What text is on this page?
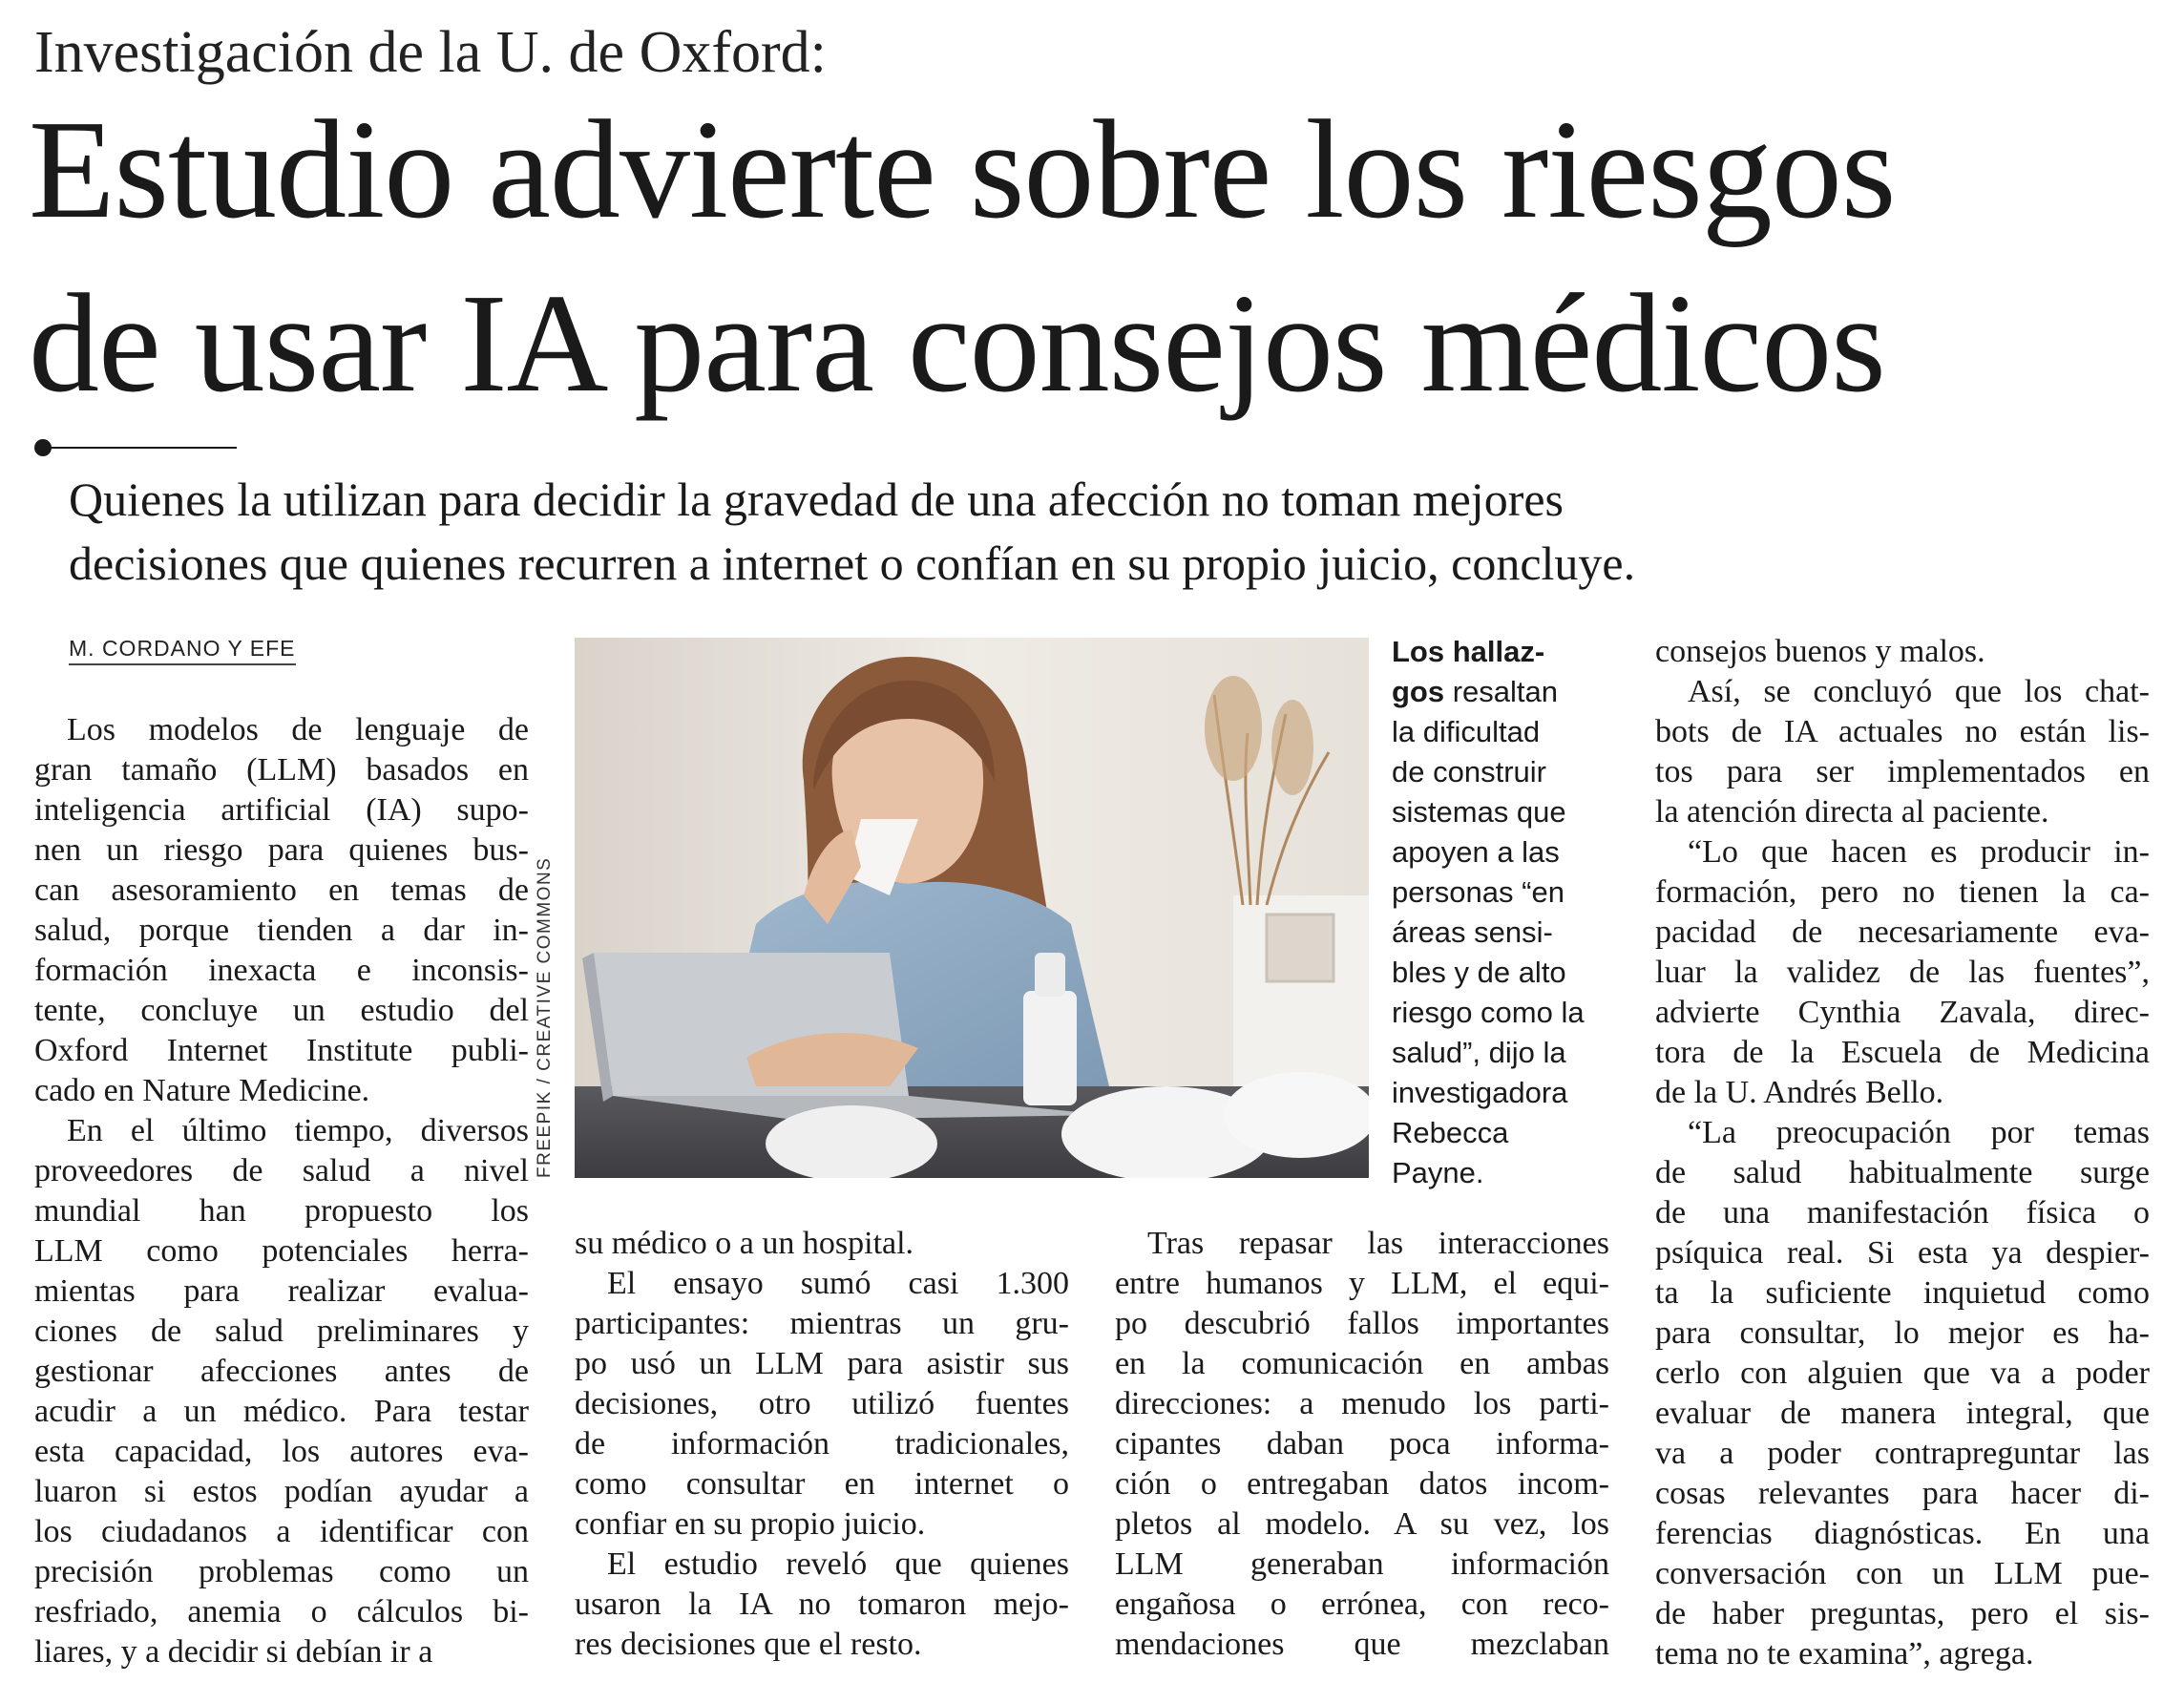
Investigación de la U. de Oxford:
Estudio advierte sobre los riesgos
de usar IA para consejos médicos
Quienes la utilizan para decidir la gravedad de una afección no toman mejores
decisiones que quienes recurren a internet o confían en su propio juicio, concluye.
M. CORDANO Y EFE
Los modelos de lenguaje de
gran tamaño (LLM) basados en
inteligencia artificial (IA) supo-
nen un riesgo para quienes bus-
can asesoramiento en temas de
salud, porque tienden a dar in-
formación inexacta e inconsis-
tente, concluye un estudio del
Oxford Internet Institute publi-
cado en Nature Medicine.
En el último tiempo, diversos
proveedores de salud a nivel
mundial han propuesto los
LLM como potenciales herra-
mientas para realizar evalua-
ciones de salud preliminares y
gestionar afecciones antes de
acudir a un médico. Para testar
esta capacidad, los autores eva-
luaron si estos podían ayudar a
los ciudadanos a identificar con
precisión problemas como un
resfriado, anemia o cálculos bi-
liares, y a decidir si debían ir a
FREEPIK / CREATIVE COMMONS
Los hallaz-
gos resaltan
la dificultad
de construir
sistemas que
apoyen a las
personas “en
áreas sensi-
bles y de alto
riesgo como la
salud”, dijo la
investigadora
Rebecca
Payne.
su médico o a un hospital.
El ensayo sumó casi 1.300
participantes: mientras un gru-
po usó un LLM para asistir sus
decisiones, otro utilizó fuentes
de información tradicionales,
como consultar en internet o
confiar en su propio juicio.
El estudio reveló que quienes
usaron la IA no tomaron mejo-
res decisiones que el resto.
Tras repasar las interacciones
entre humanos y LLM, el equi-
po descubrió fallos importantes
en la comunicación en ambas
direcciones: a menudo los parti-
cipantes daban poca informa-
ción o entregaban datos incom-
pletos al modelo. A su vez, los
LLM generaban información
engañosa o errónea, con reco-
mendaciones que mezclaban
consejos buenos y malos.
Así, se concluyó que los chat-
bots de IA actuales no están lis-
tos para ser implementados en
la atención directa al paciente.
“Lo que hacen es producir in-
formación, pero no tienen la ca-
pacidad de necesariamente eva-
luar la validez de las fuentes”,
advierte Cynthia Zavala, direc-
tora de la Escuela de Medicina
de la U. Andrés Bello.
“La preocupación por temas
de salud habitualmente surge
de una manifestación física o
psíquica real. Si esta ya despier-
ta la suficiente inquietud como
para consultar, lo mejor es ha-
cerlo con alguien que va a poder
evaluar de manera integral, que
va a poder contrapreguntar las
cosas relevantes para hacer di-
ferencias diagnósticas. En una
conversación con un LLM pue-
de haber preguntas, pero el sis-
tema no te examina”, agrega.
